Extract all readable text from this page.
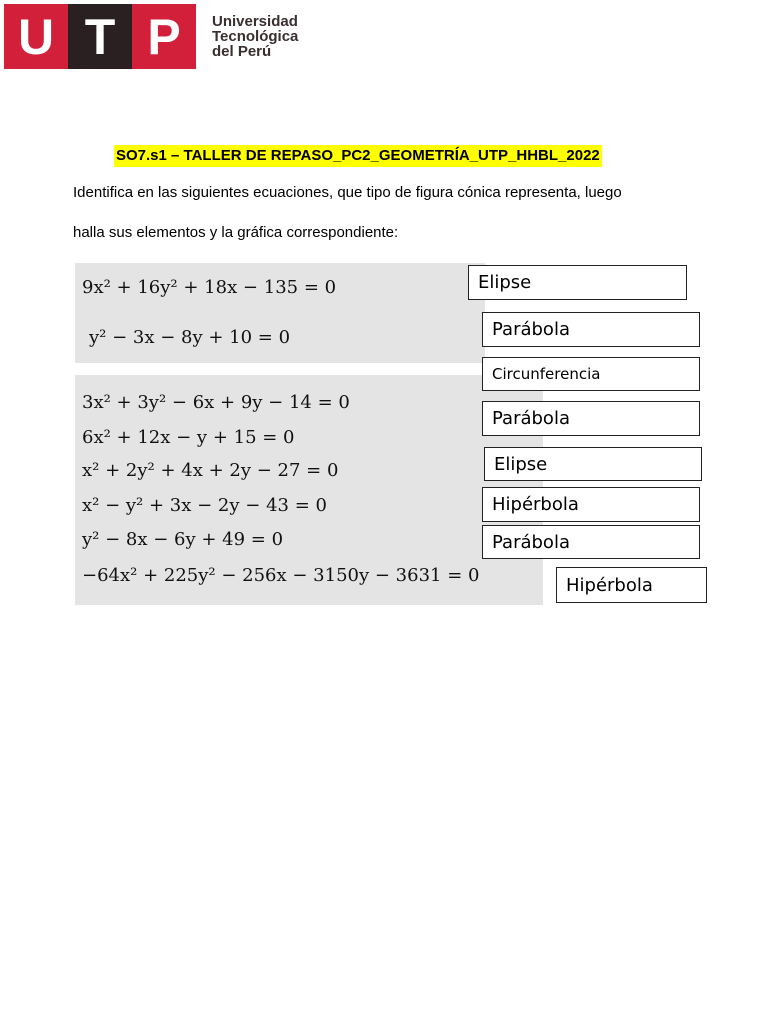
U T P	Universidad
Tecnológica
del Perú
SO7.s1 – TALLER DE REPASO_PC2_GEOMETRÍA_UTP_HHBL_2022
Identifica en las siguientes ecuaciones, que tipo de figura cónica representa, luego
halla sus elementos y la gráfica correspondiente:
9x² + 16y² + 18x − 135 = 0
y² − 3x − 8y + 10 = 0
3x² + 3y² − 6x + 9y − 14 = 0
6x² + 12x − y + 15 = 0
x² + 2y² + 4x + 2y − 27 = 0
x² − y² + 3x − 2y − 43 = 0
y² − 8x − 6y + 49 = 0
−64x² + 225y² − 256x − 3150y − 3631 = 0
Elipse
Parábola
Circunferencia
Parábola
Elipse
Hipérbola
Parábola
Hipérbola
